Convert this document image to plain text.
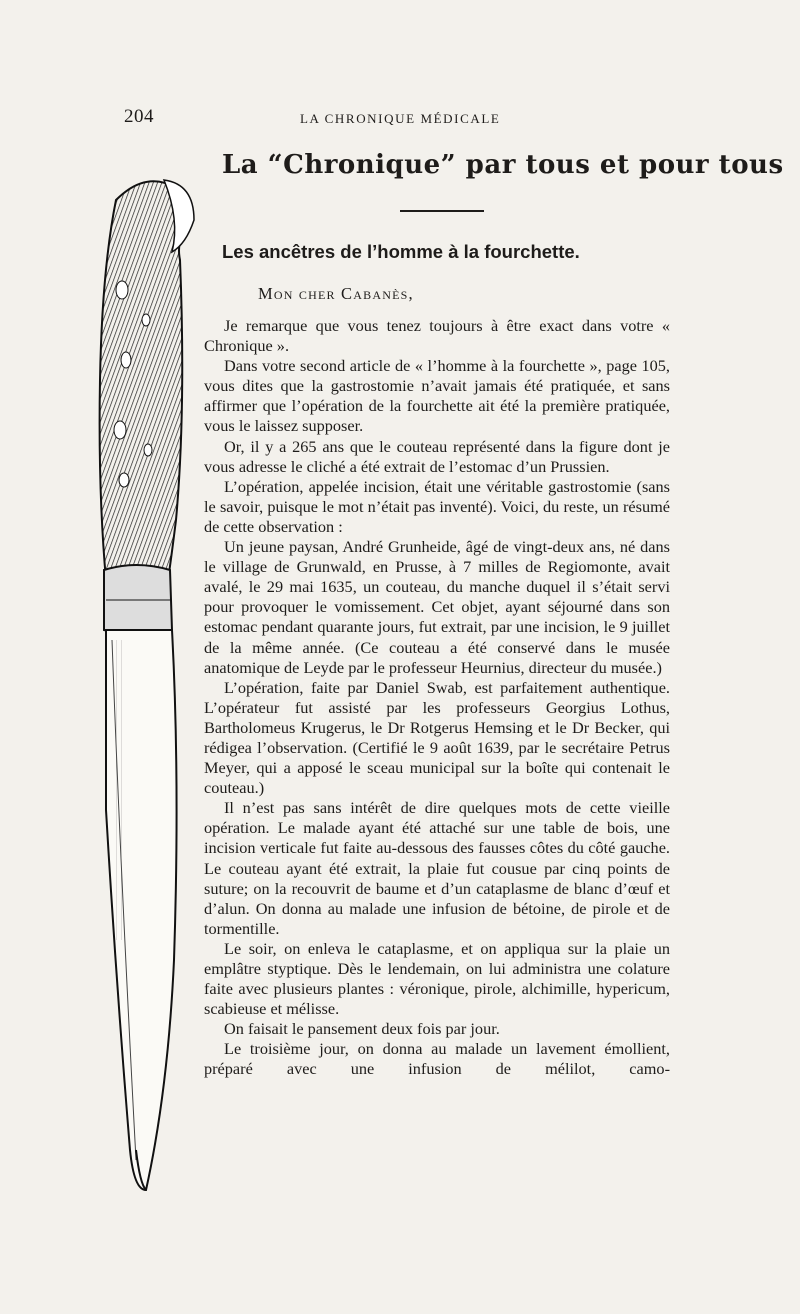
204	LA CHRONIQUE MÉDICALE
La “Chronique” par tous et pour tous
Les ancêtres de l’homme à la fourchette.
Mon cher Cabanès,

Je remarque que vous tenez toujours à être exact dans votre « Chronique ».

Dans votre second article de « l’homme à la fourchette », page 105, vous dites que la gastrostomie n’avait jamais été pratiquée, et sans affirmer que l’opération de la fourchette ait été la première pratiquée, vous le laissez supposer.

Or, il y a 265 ans que le couteau représenté dans la figure dont je vous adresse le cliché a été extrait de l’estomac d’un Prussien.

L’opération, appelée incision, était une véritable gastrostomie (sans le savoir, puisque le mot n’était pas inventé). Voici, du reste, un résumé de cette observation :

Un jeune paysan, André Grunheide, âgé de vingt-deux ans, né dans le village de Grunwald, en Prusse, à 7 milles de Regiomonte, avait avalé, le 29 mai 1635, un couteau, du manche duquel il s’était servi pour provoquer le vomissement. Cet objet, ayant séjourné dans son estomac pendant quarante jours, fut extrait, par une incision, le 9 juillet de la même année. (Ce couteau a été conservé dans le musée anatomique de Leyde par le professeur Heurnius, directeur du musée.)

L’opération, faite par Daniel Swab, est parfaitement authentique. L’opérateur fut assisté par les professeurs Georgius Lothus, Bartholomeus Krugerus, le Dr Rotgerus Hemsing et le Dr Becker, qui rédigea l’observation. (Certifié le 9 août 1639, par le secrétaire Petrus Meyer, qui a apposé le sceau municipal sur la boîte qui contenait le couteau.)

Il n’est pas sans intérêt de dire quelques mots de cette vieille opération. Le malade ayant été attaché sur une table de bois, une incision verticale fut faite au-dessous des fausses côtes du côté gauche. Le couteau ayant été extrait, la plaie fut cousue par cinq points de suture; on la recouvrit de baume et d’un cataplasme de blanc d’œuf et d’alun. On donna au malade une infusion de bétoine, de pirole et de tormentille.

Le soir, on enleva le cataplasme, et on appliqua sur la plaie un emplâtre styptique. Dès le lendemain, on lui administra une colature faite avec plusieurs plantes : véronique, pirole, alchimille, hypericum, scabieuse et mélisse.

On faisait le pansement deux fois par jour.

Le troisième jour, on donna au malade un lavement émollient, préparé avec une infusion de mélilot, camo-
